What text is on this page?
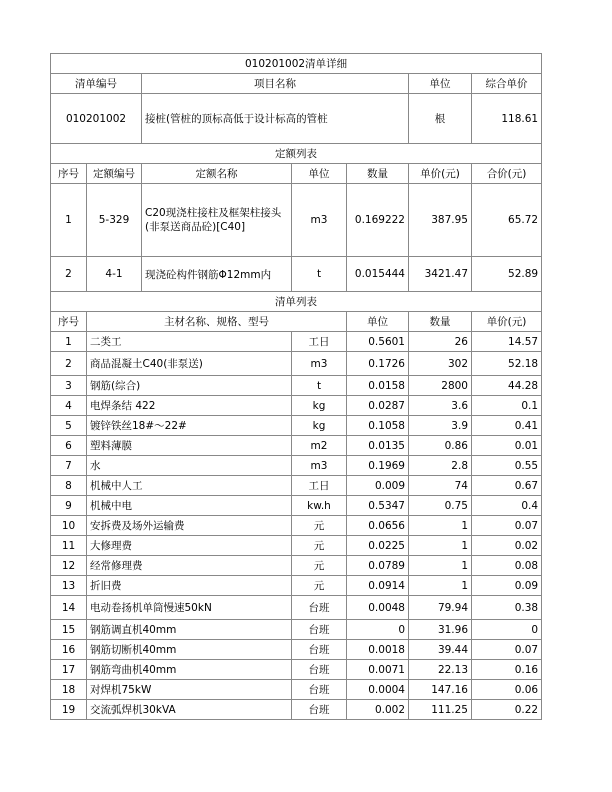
010201002清单详细							
清单编号		项目名称			单位	综合单价	
010201002		接桩(管桩的顶标高低于设计标高的管桩			根	118.61	
定额列表							
序号	定额编号	定额名称	单位	数量	单价(元)	合价(元)	
1	5-329	C20现浇柱接柱及框架柱接头(非泵送商品砼)[C40]	m3	0.169222	387.95	65.72	
2	4-1	现浇砼构件钢筋Φ12mm内	t	0.015444	3421.47	52.89	
清单列表							
序号	主材名称、规格、型号			单位	数量	单价(元)	
1	二类工		工日	0.5601	26	14.57	
2	商品混凝土C40(非泵送)		m3	0.1726	302	52.18	
3	钢筋(综合)		t	0.0158	2800	44.28	
4	电焊条结 422		kg	0.0287	3.6	0.1	
5	镀锌铁丝18#～22#		kg	0.1058	3.9	0.41	
6	塑料薄膜		m2	0.0135	0.86	0.01	
7	水		m3	0.1969	2.8	0.55	
8	机械中人工		工日	0.009	74	0.67	
9	机械中电		kw.h	0.5347	0.75	0.4	
10	安拆费及场外运输费		元	0.0656	1	0.07	
11	大修理费		元	0.0225	1	0.02	
12	经常修理费		元	0.0789	1	0.08	
13	折旧费		元	0.0914	1	0.09	
14	电动卷扬机单筒慢速50kN		台班	0.0048	79.94	0.38	
15	钢筋调直机40mm		台班	0	31.96	0	
16	钢筋切断机40mm		台班	0.0018	39.44	0.07	
17	钢筋弯曲机40mm		台班	0.0071	22.13	0.16	
18	对焊机75kW		台班	0.0004	147.16	0.06	
19	交流弧焊机30kVA		台班	0.002	111.25	0.22	
